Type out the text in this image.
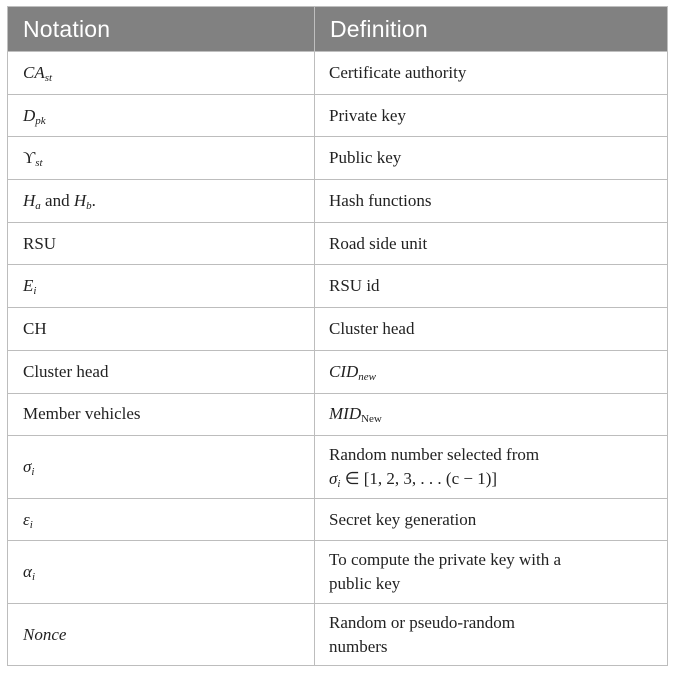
Notation	Definition
$CA_{st}$	Certificate authority
$D_{pk}$	Private key
$ϒ_{st}$	Public key
$H_a$ and $H_b$.	Hash functions
RSU	Road side unit
$E_i$	RSU id
CH	Cluster head
Cluster head	$CID_{new}$
Member vehicles	$MID_{New}$
$\sigma_i$	Random number selected from
$\sigma_i$ ∈ [1, 2, 3, . . . (c − 1)]

$\varepsilon_i$	Secret key generation
$\alpha_i$	To compute the private key with a
public key

Nonce	Random or pseudo-random
numbers
